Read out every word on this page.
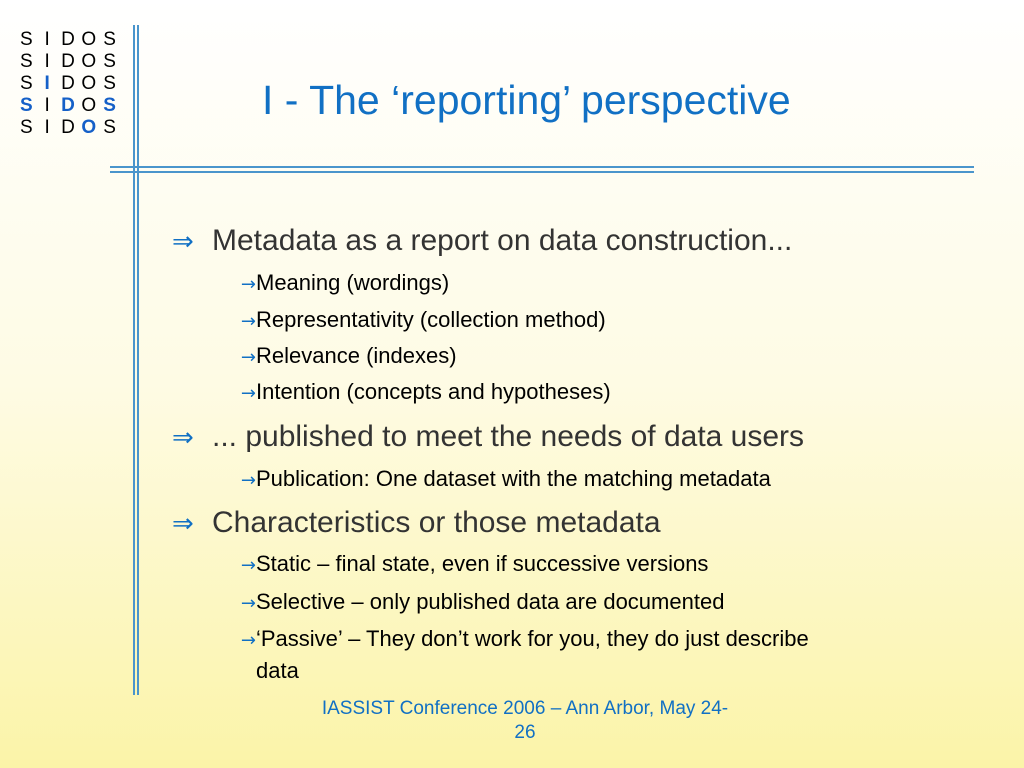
S I D O S
S I D O S
S I D O S
S I D O S
S I D O S
I - The ‘reporting’ perspective
⇒ Metadata as a report on data construction...
→Meaning (wordings)
→Representativity (collection method)
→Relevance (indexes)
→Intention (concepts and hypotheses)
⇒ ... published to meet the needs of data users
→Publication: One dataset with the matching metadata
⇒ Characteristics or those metadata
→Static – final state, even if successive versions
→Selective – only published data are documented
→‘Passive’ – They don’t work for you, they do just describe
data
IASSIST Conference 2006 – Ann Arbor, May 24-
26
